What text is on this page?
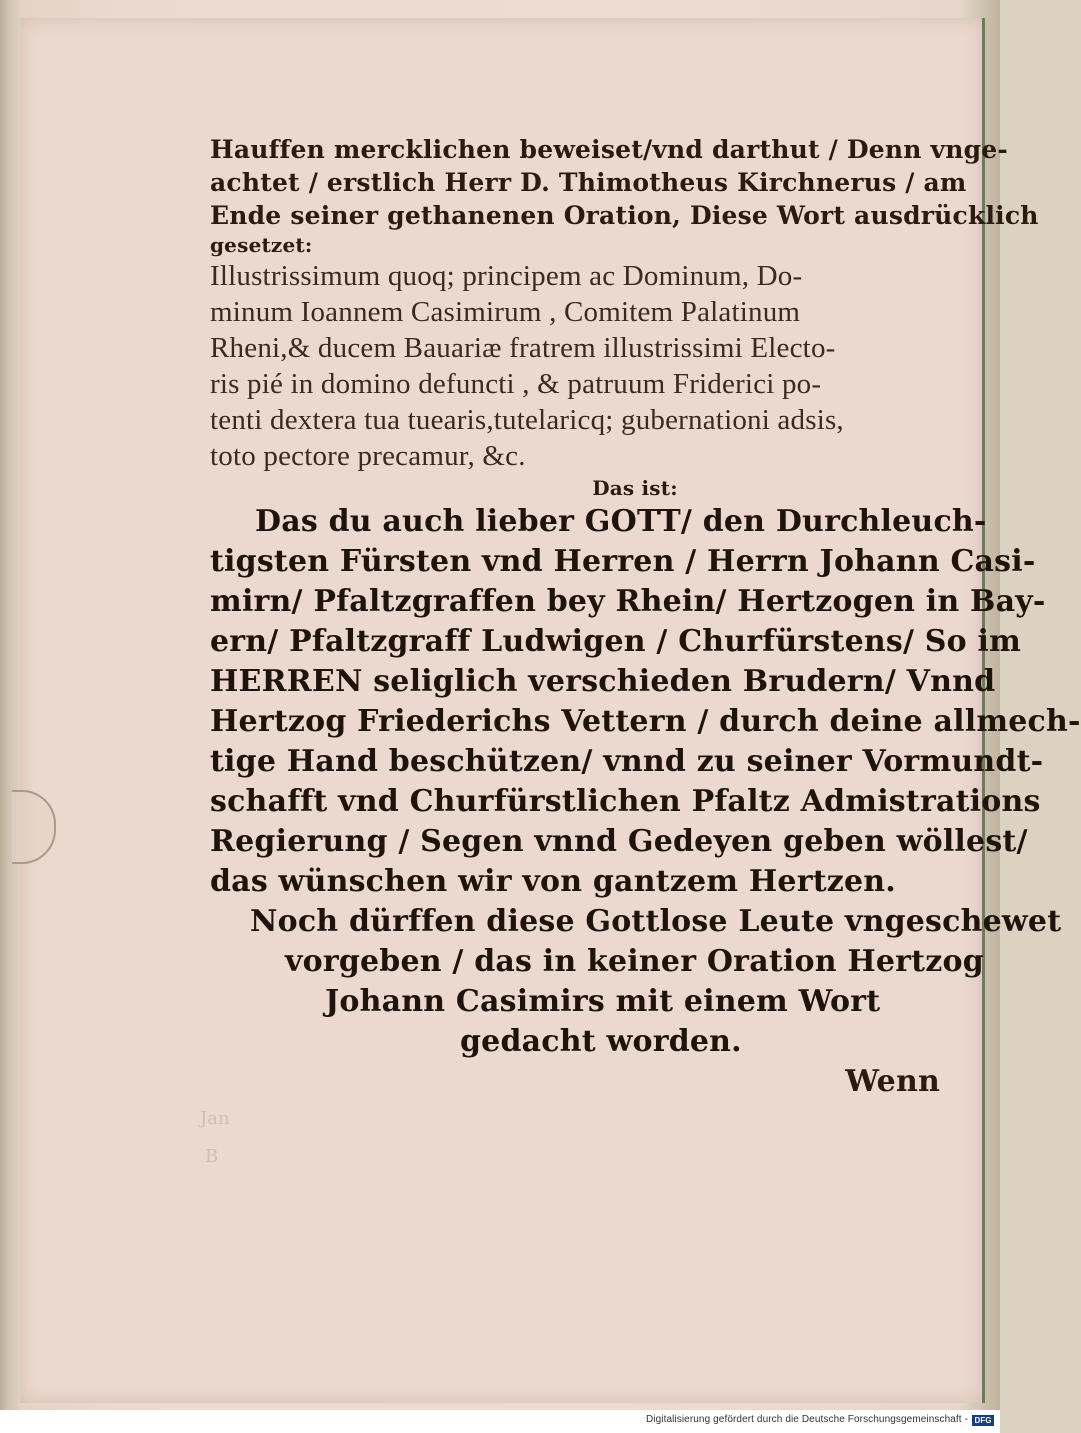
Jan
B
Hauffen mercklichen beweiset/vnd darthut / Denn vnge-
achtet / erstlich Herr D. Thimotheus Kirchnerus / am
Ende seiner gethanenen Oration, Diese Wort ausdrücklich
gesetzet:
Illustrissimum quoq; principem ac Dominum, Do-
minum Ioannem Casimirum , Comitem Palatinum
Rheni,& ducem Bauariæ fratrem illustrissimi Electo-
ris pié in domino defuncti , & patruum Friderici po-
tenti dextera tua tuearis,tutelaricq; gubernationi adsis,
toto pectore precamur, &c.
Das ist:
Das du auch lieber GOTT/ den Durchleuch-
tigsten Fürsten vnd Herren / Herrn Johann Casi-
mirn/ Pfaltzgraffen bey Rhein/ Hertzogen in Bay-
ern/ Pfaltzgraff Ludwigen / Churfürstens/ So im
HERREN seliglich verschieden Brudern/ Vnnd
Hertzog Friederichs Vettern / durch deine allmech-
tige Hand beschützen/ vnnd zu seiner Vormundt-
schafft vnd Churfürstlichen Pfaltz Admistrations
Regierung / Segen vnnd Gedeyen geben wöllest/
das wünschen wir von gantzem Hertzen.
Noch dürffen diese Gottlose Leute vngeschewet
vorgeben / das in keiner Oration Hertzog
Johann Casimirs mit einem Wort
gedacht worden.
Wenn
Digitalisierung gefördert durch die Deutsche Forschungsgemeinschaft - DFG
